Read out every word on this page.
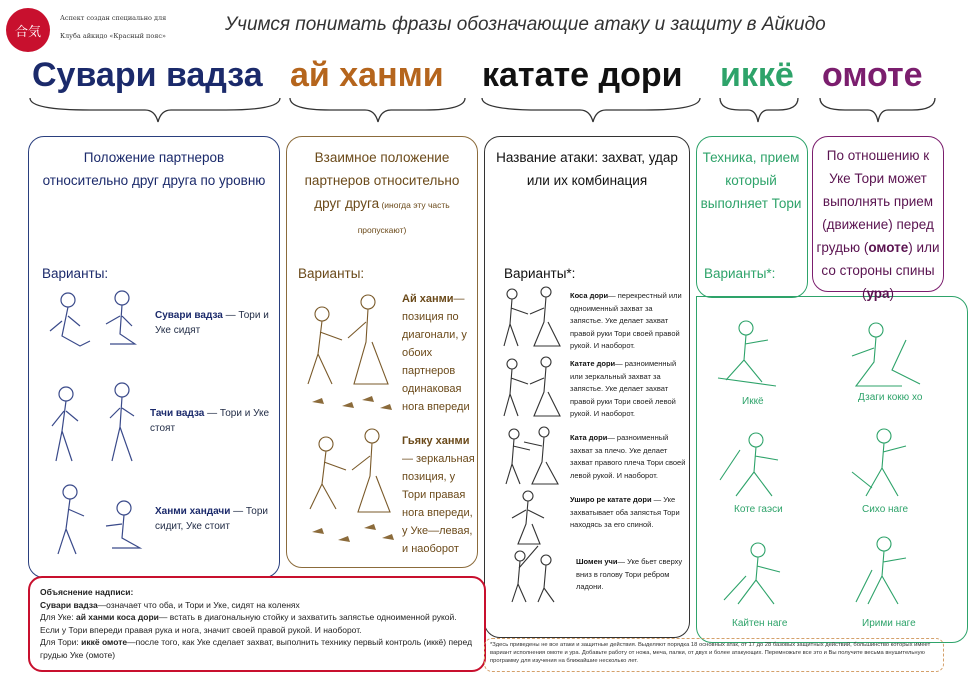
合気
Аспект создан специально для
Клуба айкидо «Красный пояс»
Учимся понимать фразы обозначающие атаку и защиту в Айкидо
Сувари вадза ай ханми катате дори иккё омоте
Положение партнеров относительно друг друга по уровню
Взаимное положение партнеров относительно друг друга (иногда эту часть пропускают)
Название атаки: захват, удар или их комбинация
Техника, прием который выполняет Тори
По отношению к Уке Тори может выполнять прием (движение) перед грудью (омоте) или со стороны спины (ура)
Варианты:	Варианты:	Варианты*:	Варианты*:
Сувари вадза — Тори и Уке сидят
Тачи вадза — Тори и Уке стоят
Ханми хандачи — Тори сидит, Уке стоит
Ай ханми— позиция по диагонали, у обоих партнеров одинаковая нога впереди
Гьяку ханми— зеркальная позиция, у Тори правая нога впереди, у Уке—левая, и наоборот
Коса дори— перекрестный или одноименный захват за запястье. Уке делает захват правой руки Тори своей правой рукой. И наоборот.
Катате дори— разноименный или зеркальный захват за запястье. Уке делает захват правой руки Тори своей левой рукой. И наоборот.
Ката дори— разноименный захват за плечо. Уке делает захват правого плеча Тори своей левой рукой. И наоборот.
Уширо ре катате дори — Уке захватывает оба запястья Тори находясь за его спиной.
Шомен учи— Уке бьет сверху вниз в голову Тори ребром ладони.
Иккё	Дзаги кокю хо
Коте гаэси	Сихо наге
Кайтен наге	Ирими наге
Объяснение надписи:
Сувари вадза—означает что оба, и Тори и Уке, сидят на коленях
Для Уке: ай ханми коса дори— встать в диагональную стойку и захватить запястье одноименной рукой. Если у Тори впереди правая рука и нога, значит своей правой рукой. И наоборот.
Для Тори: иккё омоте—после того, как Уке сделает захват, выполнить технику первый контроль (иккё) перед грудью Уке (омоте)
*Здесь приведены не все атаки и защитные действия. Выделяют порядка 18 основных атак, от 17 до 28 базовых защитных действий, большинство которых имеет вариант исполнения омоте и ура. Добавьте работу от ножа, меча, палки, от двух и более атакующих. Перемножьте все это и Вы получите весьма внушительную программу для изучения на ближайшие несколько лет.
